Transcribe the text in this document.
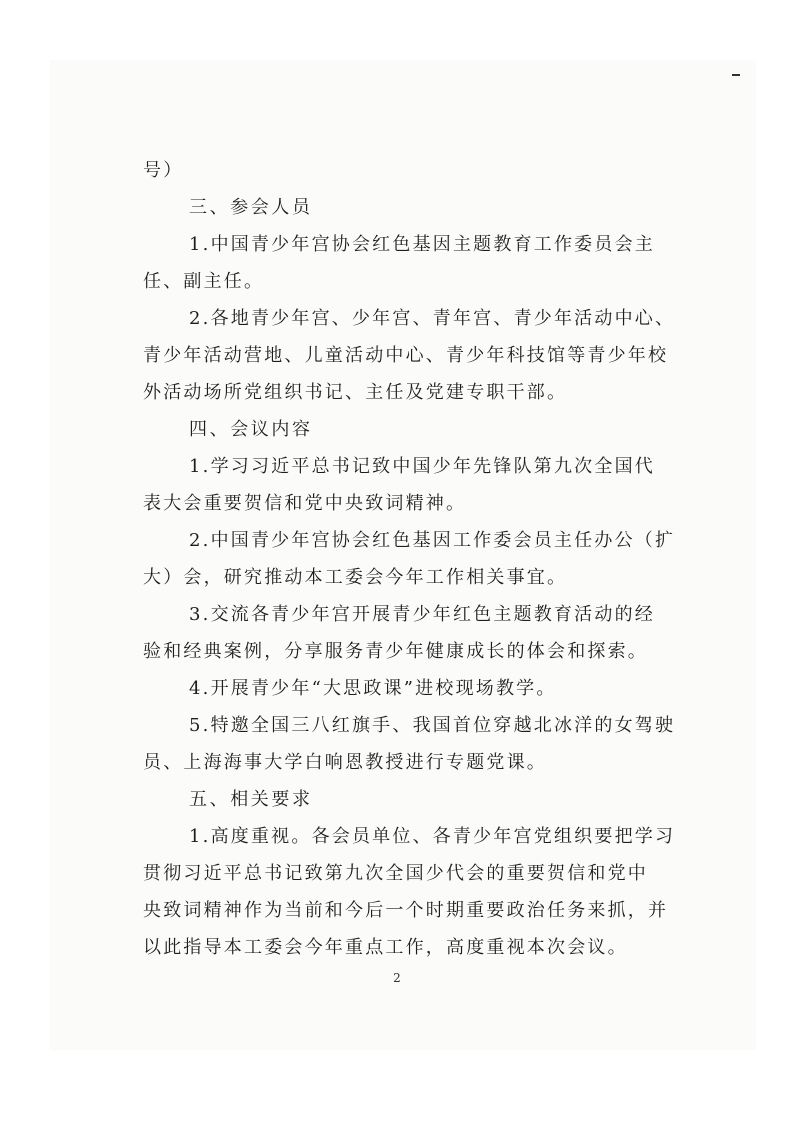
号）
三、参会人员
1.中国青少年宫协会红色基因主题教育工作委员会主
任、副主任。
2.各地青少年宫、少年宫、青年宫、青少年活动中心、
青少年活动营地、儿童活动中心、青少年科技馆等青少年校
外活动场所党组织书记、主任及党建专职干部。
四、会议内容
1.学习习近平总书记致中国少年先锋队第九次全国代
表大会重要贺信和党中央致词精神。
2.中国青少年宫协会红色基因工作委会员主任办公（扩
大）会，研究推动本工委会今年工作相关事宜。
3.交流各青少年宫开展青少年红色主题教育活动的经
验和经典案例，分享服务青少年健康成长的体会和探索。
4.开展青少年“大思政课”进校现场教学。
5.特邀全国三八红旗手、我国首位穿越北冰洋的女驾驶
员、上海海事大学白响恩教授进行专题党课。
五、相关要求
1.高度重视。各会员单位、各青少年宫党组织要把学习
贯彻习近平总书记致第九次全国少代会的重要贺信和党中
央致词精神作为当前和今后一个时期重要政治任务来抓，并
以此指导本工委会今年重点工作，高度重视本次会议。
2
